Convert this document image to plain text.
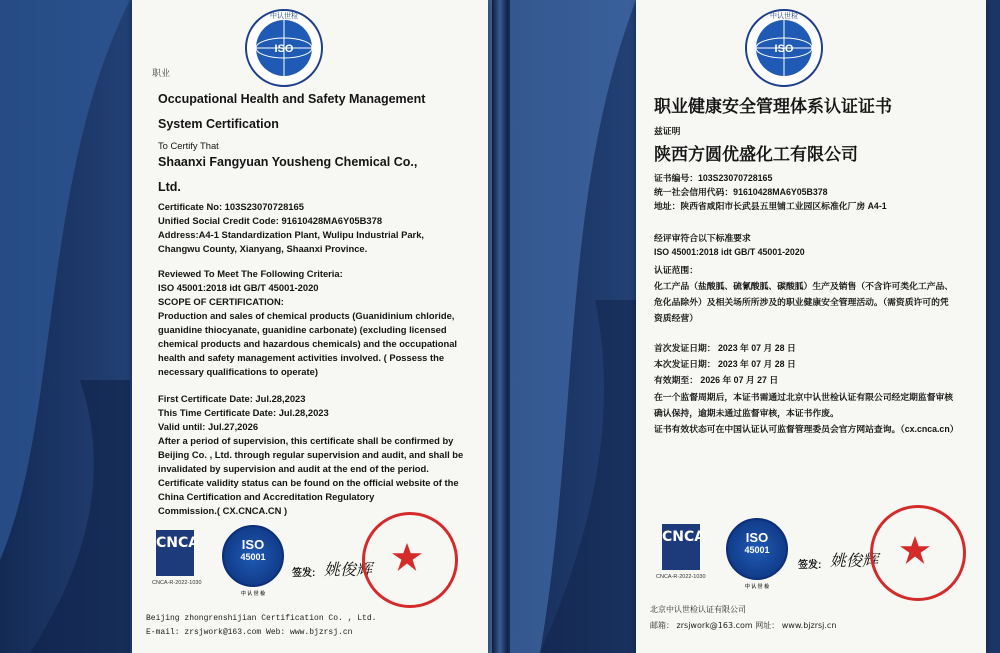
ISO
中认世检
职业
Occupational Health and Safety Management
System Certification
To Certify That
Shaanxi Fangyuan Yousheng Chemical Co.,
Ltd.
Certificate No: 103S23070728165
Unified Social Credit Code: 91610428MA6Y05B378
Address:A4-1 Standardization Plant, Wulipu Industrial Park,
Changwu County, Xianyang, Shaanxi Province.
Reviewed To Meet The Following Criteria:
ISO 45001:2018 idt GB/T 45001-2020
SCOPE OF CERTIFICATION:
Production and sales of chemical products (Guanidinium chloride,
guanidine thiocyanate, guanidine carbonate) (excluding licensed
chemical products and hazardous chemicals) and the occupational
health and safety management activities involved. ( Possess the
necessary qualifications to operate)
First Certificate Date: Jul.28,2023
This Time Certificate Date: Jul.28,2023
Valid until: Jul.27,2026
After a period of supervision, this certificate shall be confirmed by
Beijing Co. , Ltd. through regular supervision and audit, and shall be
invalidated by supervision and audit at the end of the period.
Certificate validity status can be found on the official website of the
China Certification and Accreditation Regulatory
Commission.( CX.CNCA.CN )
CNCA
CNCA-R-2022-1030
ISO
45001
中 认 世 检
签发: 姚俊辉
Beijing zhongrenshijian Certification Co. , Ltd.
E-mail: zrsjwork@163.com Web: www.bjzrsj.cn
ISO
中认世检
职业健康安全管理体系认证证书
兹证明
陕西方圆优盛化工有限公司
证书编号：103S23070728165
统一社会信用代码：91610428MA6Y05B378
地址：陕西省咸阳市长武县五里铺工业园区标准化厂房 A4-1
经评审符合以下标准要求
ISO 45001:2018 idt GB/T 45001-2020
认证范围：
化工产品（盐酸胍、硫氰酸胍、碳酸胍）生产及销售（不含许可类化工产品、
危化品除外）及相关场所所涉及的职业健康安全管理活动。（需资质许可的凭
资质经营）
首次发证日期： 2023 年 07 月 28 日
本次发证日期： 2023 年 07 月 28 日
有效期至： 2026 年 07 月 27 日
在一个监督周期后，本证书需通过北京中认世检认证有限公司经定期监督审核
确认保持，逾期未通过监督审核，本证书作废。
证书有效状态可在中国认证认可监督管理委员会官方网站查询。（cx.cnca.cn）
CNCA
CNCA-R-2022-1030
ISO
45001
中 认 世 检
签发: 姚俊辉
北京中认世检认证有限公司
邮箱： zrsjwork@163.com 网址： www.bjzrsj.cn
